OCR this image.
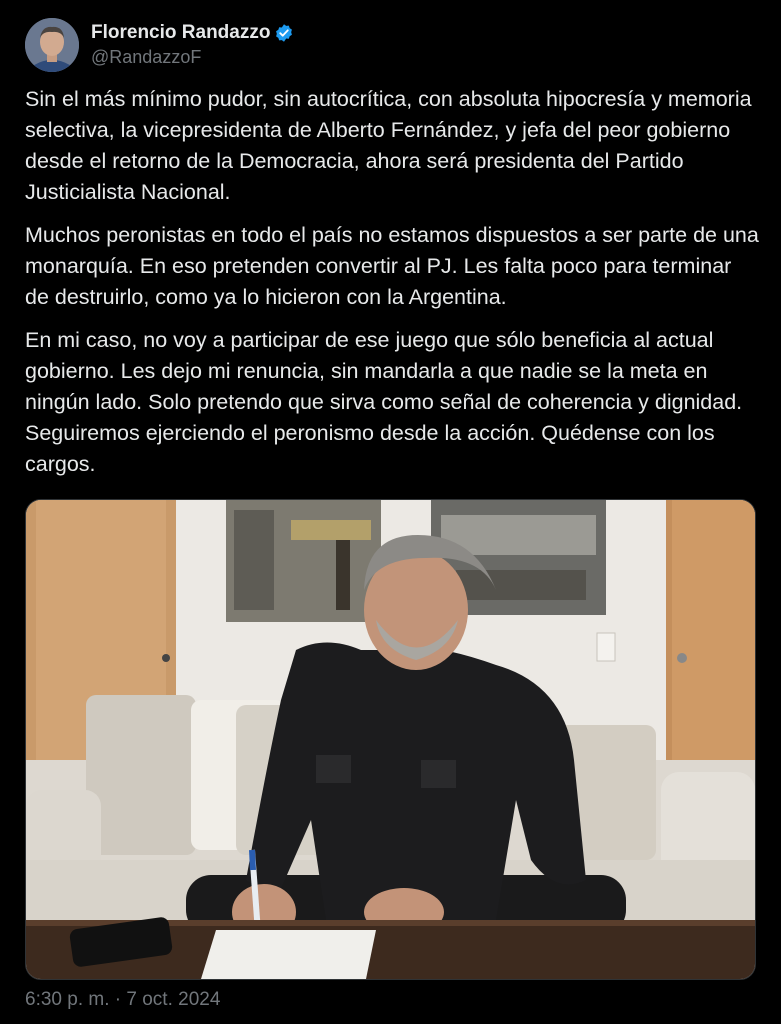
Florencio Randazzo
@RandazzoF

Sin el más mínimo pudor, sin autocrítica, con absoluta hipocresía y memoria selectiva, la vicepresidenta de Alberto Fernández, y jefa del peor gobierno desde el retorno de la Democracia, ahora será presidenta del Partido Justicialista Nacional.

Muchos peronistas en todo el país no estamos dispuestos a ser parte de una monarquía. En eso pretenden convertir al PJ. Les falta poco para terminar de destruirlo, como ya lo hicieron con la Argentina.

En mi caso, no voy a participar de ese juego que sólo beneficia al actual gobierno. Les dejo mi renuncia, sin mandarla a que nadie se la meta en ningún lado. Solo pretendo que sirva como señal de coherencia y dignidad. Seguiremos ejerciendo el peronismo desde la acción. Quédense con los cargos.

6:30 p. m. · 7 oct. 2024
